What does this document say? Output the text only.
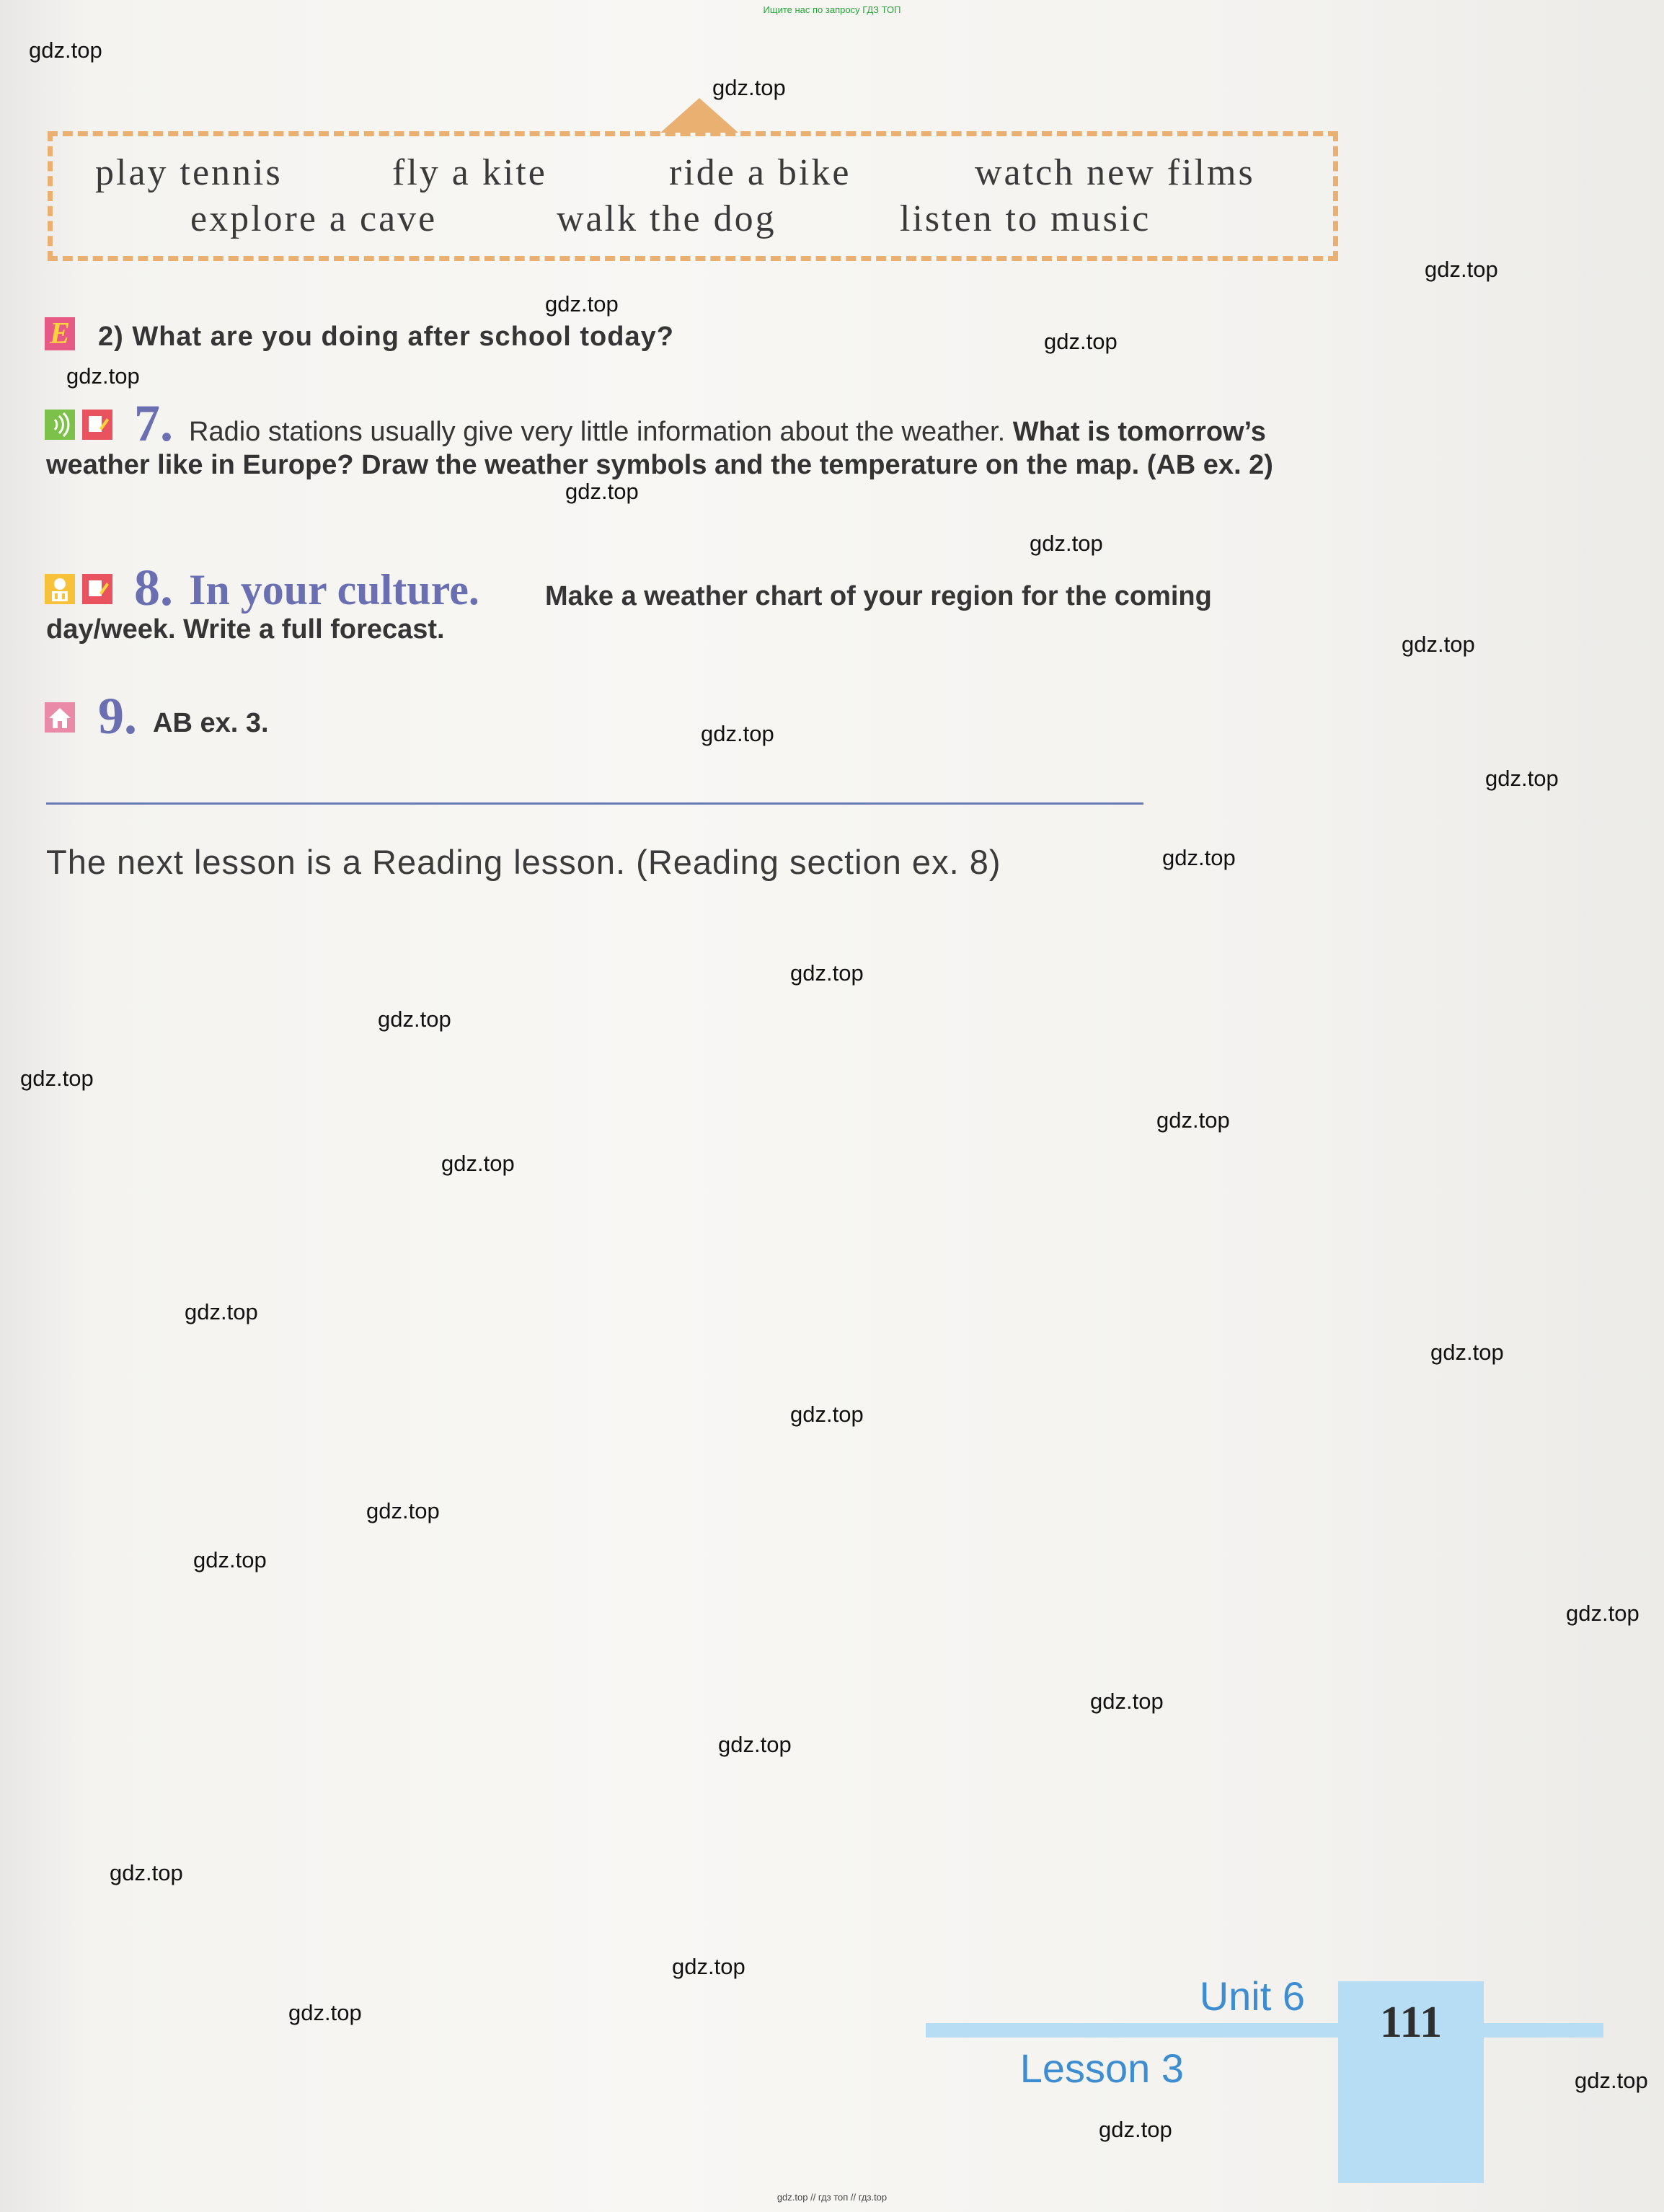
Ищите нас по запросу ГДЗ ТОП
play tennis	fly a kite	ride a bike	watch new films
explore a cave	walk the dog	listen to music
E 2) What are you doing after school today?
7. Radio stations usually give very little information about the weather. What is tomorrow’s weather like in Europe? Draw the weather symbols and the temperature on the map. (AB ex. 2)
8. In your culture.	Make a weather chart of your region for the coming day/week. Write a full forecast.
9. AB ex. 3.
The next lesson is a Reading lesson. (Reading section ex. 8)
111
Unit 6
Lesson 3
gdz.top // гдз топ // гдз.top
gdz.top
gdz.top
gdz.top
gdz.top
gdz.top
gdz.top
gdz.top
gdz.top
gdz.top
gdz.top
gdz.top
gdz.top
gdz.top
gdz.top
gdz.top
gdz.top
gdz.top
gdz.top
gdz.top
gdz.top
gdz.top
gdz.top
gdz.top
gdz.top
gdz.top
gdz.top
gdz.top
gdz.top
gdz.top
gdz.top
